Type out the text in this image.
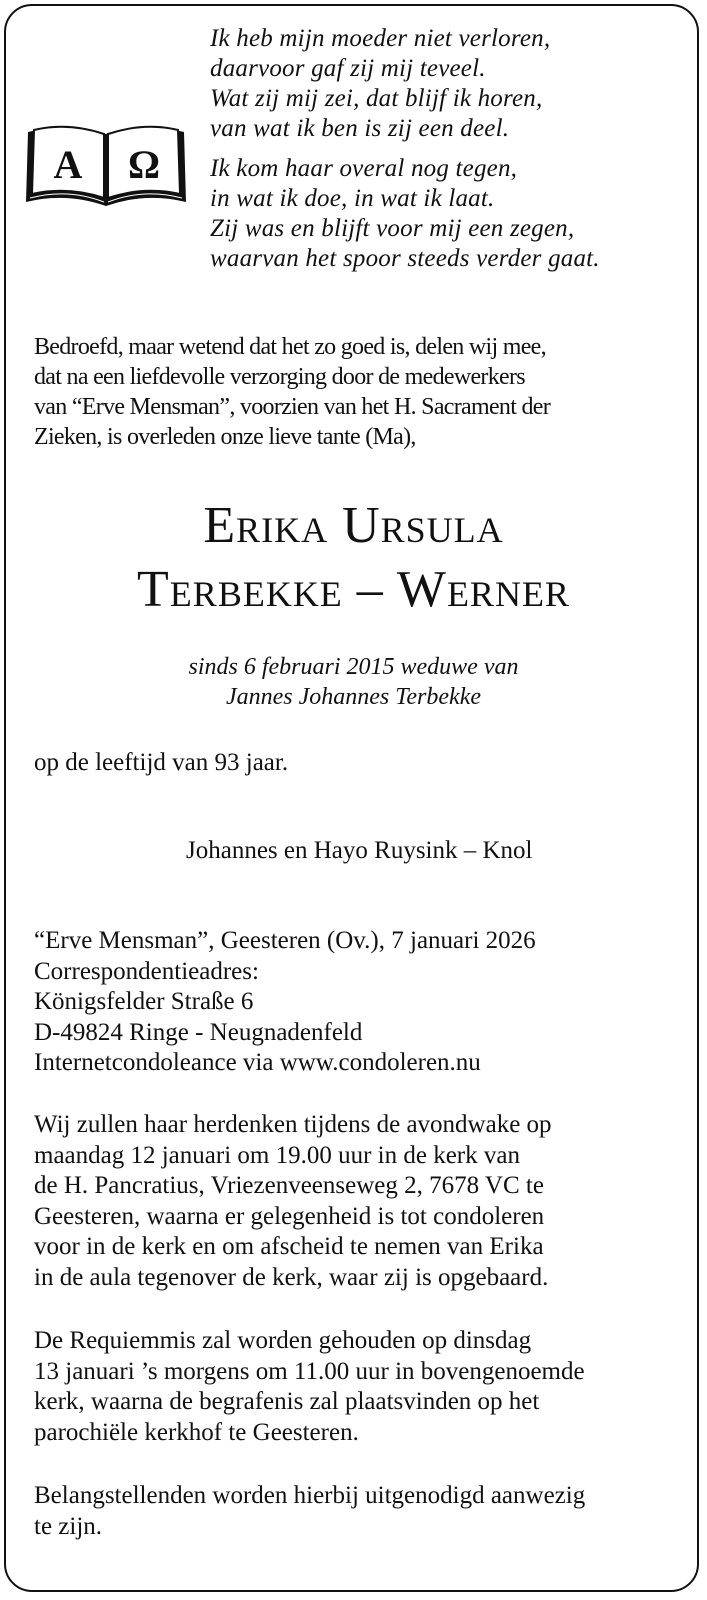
A Ω
Ik heb mijn moeder niet verloren,
daarvoor gaf zij mij teveel.
Wat zij mij zei, dat blijf ik horen,
van wat ik ben is zij een deel.
Ik kom haar overal nog tegen,
in wat ik doe, in wat ik laat.
Zij was en blijft voor mij een zegen,
waarvan het spoor steeds verder gaat.
Bedroefd, maar wetend dat het zo goed is, delen wij mee,
dat na een liefdevolle verzorging door de medewerkers
van “Erve Mensman”, voorzien van het H. Sacrament der
Zieken, is overleden onze lieve tante (Ma),
Erika Ursula
Terbekke – Werner
sinds 6 februari 2015 weduwe van
Jannes Johannes Terbekke
op de leeftijd van 93 jaar.
Johannes en Hayo Ruysink – Knol
“Erve Mensman”, Geesteren (Ov.), 7 januari 2026
Correspondentieadres:
Königsfelder Straße 6
D-49824 Ringe - Neugnadenfeld
Internetcondoleance via www.condoleren.nu
Wij zullen haar herdenken tijdens de avondwake op
maandag 12 januari om 19.00 uur in de kerk van
de H. Pancratius, Vriezenveenseweg 2, 7678 VC te
Geesteren, waarna er gelegenheid is tot condoleren
voor in de kerk en om afscheid te nemen van Erika
in de aula tegenover de kerk, waar zij is opgebaard.
De Requiemmis zal worden gehouden op dinsdag
13 januari ’s morgens om 11.00 uur in bovengenoemde
kerk, waarna de begrafenis zal plaatsvinden op het
parochiële kerkhof te Geesteren.
Belangstellenden worden hierbij uitgenodigd aanwezig
te zijn.
